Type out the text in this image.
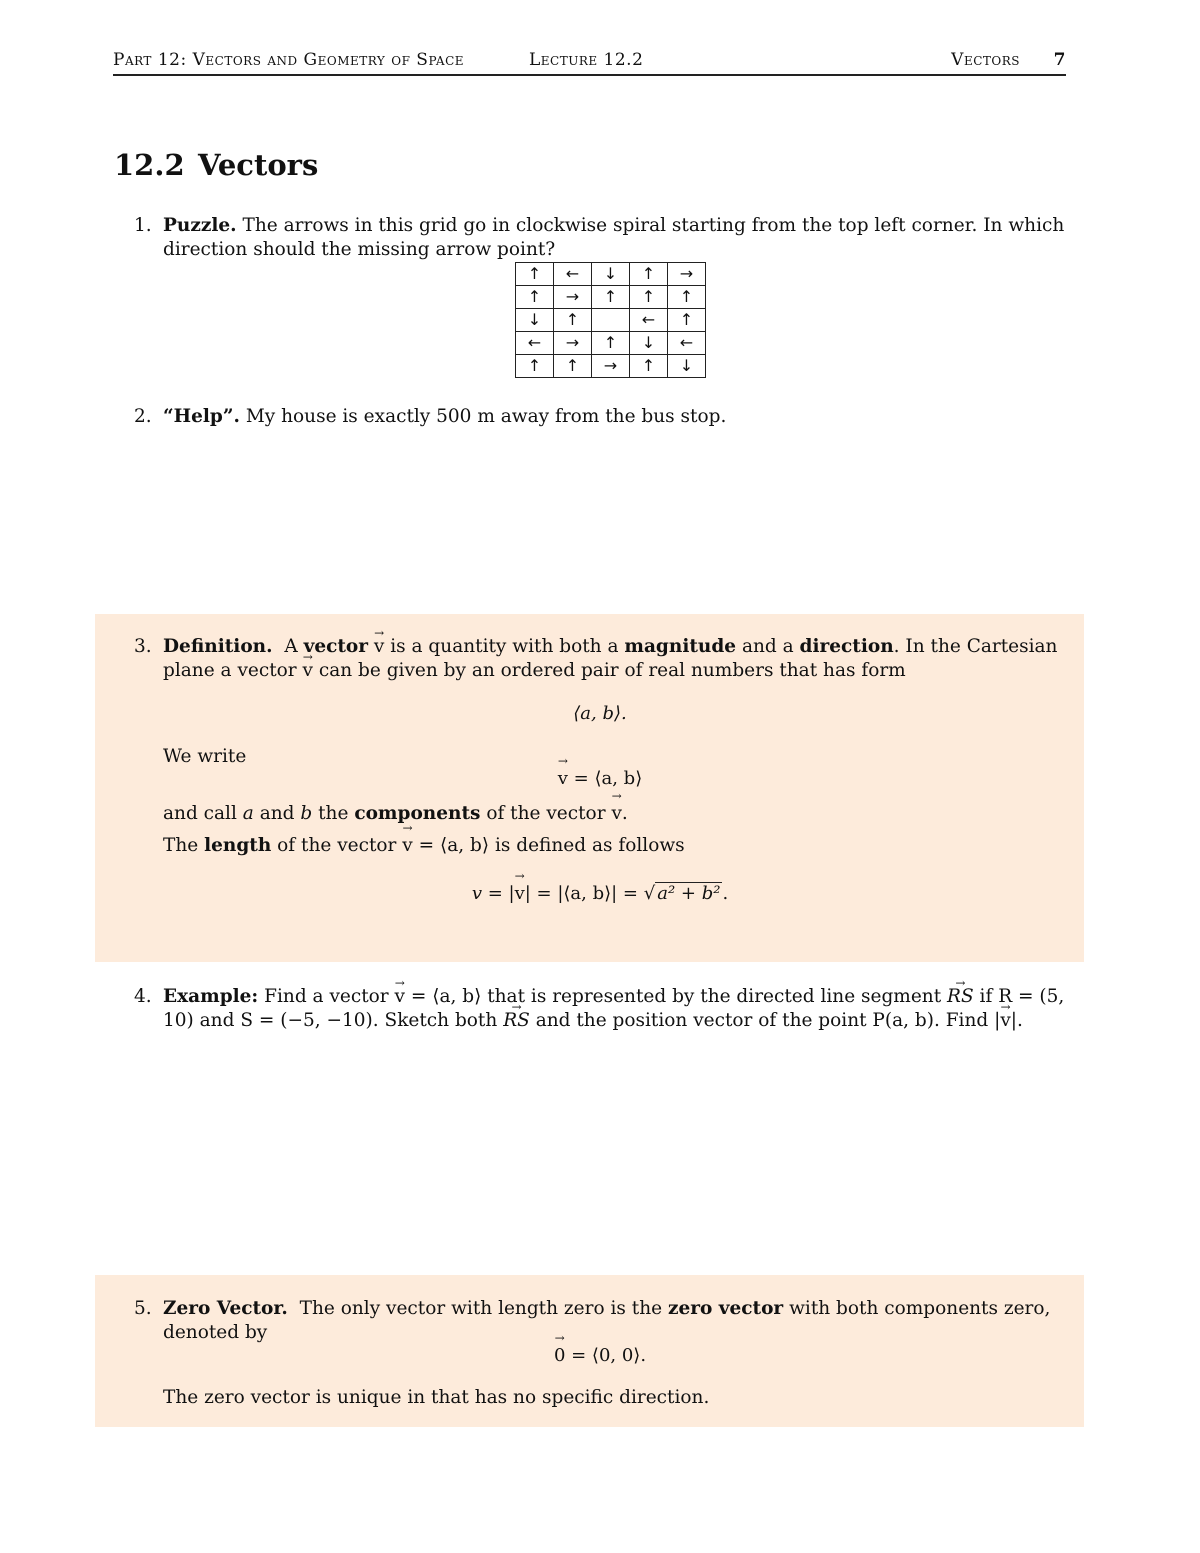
Part 12: Vectors and Geometry of Space	Lecture 12.2	Vectors 7
12.2 Vectors
1. Puzzle. The arrows in this grid go in clockwise spiral starting from the top left corner. In which direction should the missing arrow point?
↑	←	↓	↑	→
↑	→	↑	↑	↑
↓	↑		←	↑
←	→	↑	↓	←
↑	↑	→	↑	↓
2. “Help”. My house is exactly 500 m away from the bus stop.
3. Definition. A vector → v is a quantity with both a magnitude and a direction. In the Cartesian plane a vector → v can be given by an ordered pair of real numbers that has form
⟨a, b⟩.
We write
→ v = ⟨a, b⟩
and call a and b the components of the vector → v.
The length of the vector → v = ⟨a, b⟩ is defined as follows
v = |→ v| = |⟨a, b⟩| = √ a² + b² .
4. Example: Find a vector → v = ⟨a, b⟩ that is represented by the directed line segment → RS if R = (5, 10) and S = (−5, −10). Sketch both → RS and the position vector of the point P(a, b). Find |→ v|.
5. Zero Vector. The only vector with length zero is the zero vector with both components zero, denoted by
→ 0 = ⟨0, 0⟩.
The zero vector is unique in that has no specific direction.
